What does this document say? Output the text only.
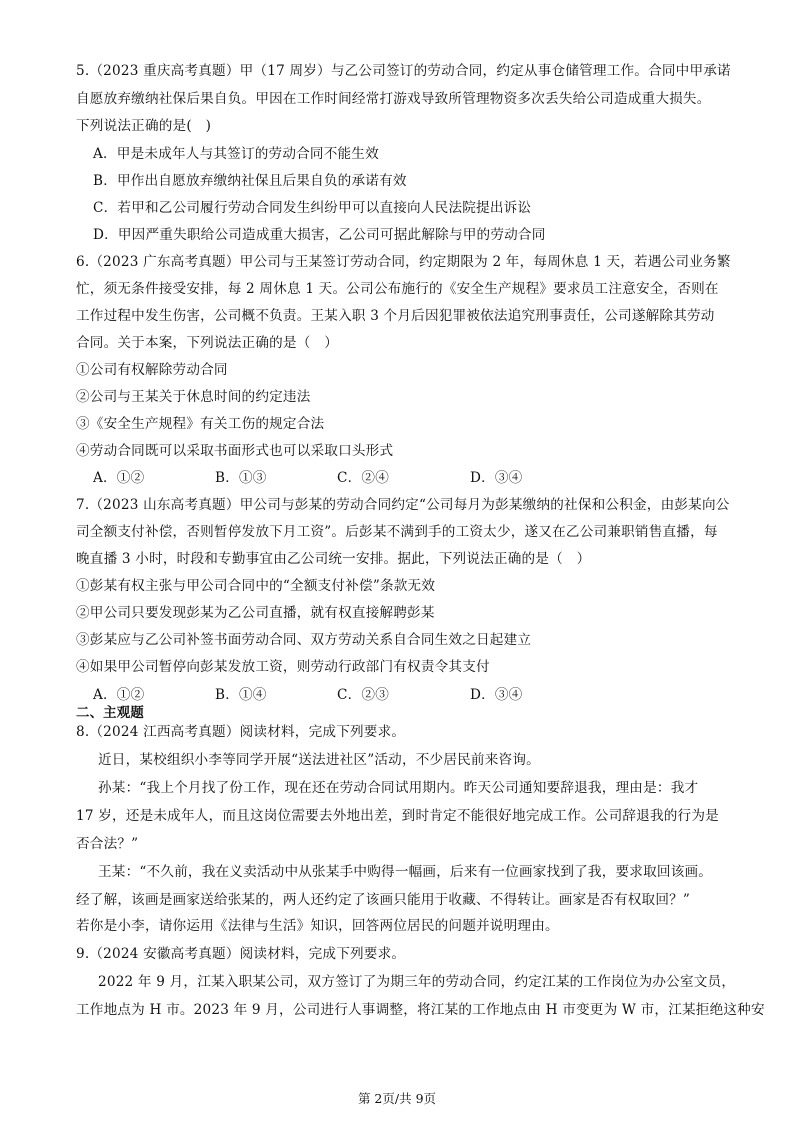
5.（2023 重庆高考真题）甲（17 周岁）与乙公司签订的劳动合同，约定从事仓储管理工作。合同中甲承诺
自愿放弃缴纳社保后果自负。甲因在工作时间经常打游戏导致所管理物资多次丢失给公司造成重大损失。
下列说法正确的是(　)
A．甲是未成年人与其签订的劳动合同不能生效
B．甲作出自愿放弃缴纳社保且后果自负的承诺有效
C．若甲和乙公司履行劳动合同发生纠纷甲可以直接向人民法院提出诉讼
D．甲因严重失职给公司造成重大损害，乙公司可据此解除与甲的劳动合同
6.（2023 广东高考真题）甲公司与王某签订劳动合同，约定期限为 2 年，每周休息 1 天，若遇公司业务繁
忙，须无条件接受安排，每 2 周休息 1 天。公司公布施行的《安全生产规程》要求员工注意安全，否则在
工作过程中发生伤害，公司概不负责。王某入职 3 个月后因犯罪被依法追究刑事责任，公司遂解除其劳动
合同。关于本案，下列说法正确的是（　）
①公司有权解除劳动合同
②公司与王某关于休息时间的约定违法
③《安全生产规程》有关工伤的规定合法
④劳动合同既可以采取书面形式也可以采取口头形式
A．①②	B．①③	C．②④	D．③④
7.（2023 山东高考真题）甲公司与彭某的劳动合同约定“公司每月为彭某缴纳的社保和公积金，由彭某向公
司全额支付补偿，否则暂停发放下月工资”。后彭某不满到手的工资太少，遂又在乙公司兼职销售直播，每
晚直播 3 小时，时段和专勤事宜由乙公司统一安排。据此，下列说法正确的是（　）
①彭某有权主张与甲公司合同中的“全额支付补偿”条款无效
②甲公司只要发现彭某为乙公司直播，就有权直接解聘彭某
③彭某应与乙公司补签书面劳动合同、双方劳动关系自合同生效之日起建立
④如果甲公司暂停向彭某发放工资，则劳动行政部门有权责令其支付
A．①②	B．①④	C．②③	D．③④
二、主观题
8.（2024 江西高考真题）阅读材料，完成下列要求。
近日，某校组织小李等同学开展“送法进社区”活动，不少居民前来咨询。
孙某：“我上个月找了份工作，现在还在劳动合同试用期内。昨天公司通知要辞退我，理由是：我才
17 岁，还是未成年人，而且这岗位需要去外地出差，到时肯定不能很好地完成工作。公司辞退我的行为是
否合法？”
王某：“不久前，我在义卖活动中从张某手中购得一幅画，后来有一位画家找到了我，要求取回该画。
经了解，该画是画家送给张某的，两人还约定了该画只能用于收藏、不得转让。画家是否有权取回？”
若你是小李，请你运用《法律与生活》知识，回答两位居民的问题并说明理由。
9.（2024 安徽高考真题）阅读材料，完成下列要求。
2022 年 9 月，江某入职某公司，双方签订了为期三年的劳动合同，约定江某的工作岗位为办公室文员，
工作地点为 H 市。2023 年 9 月，公司进行人事调整，将江某的工作地点由 H 市变更为 W 市，江某拒绝这种安
第 2页/共 9页
